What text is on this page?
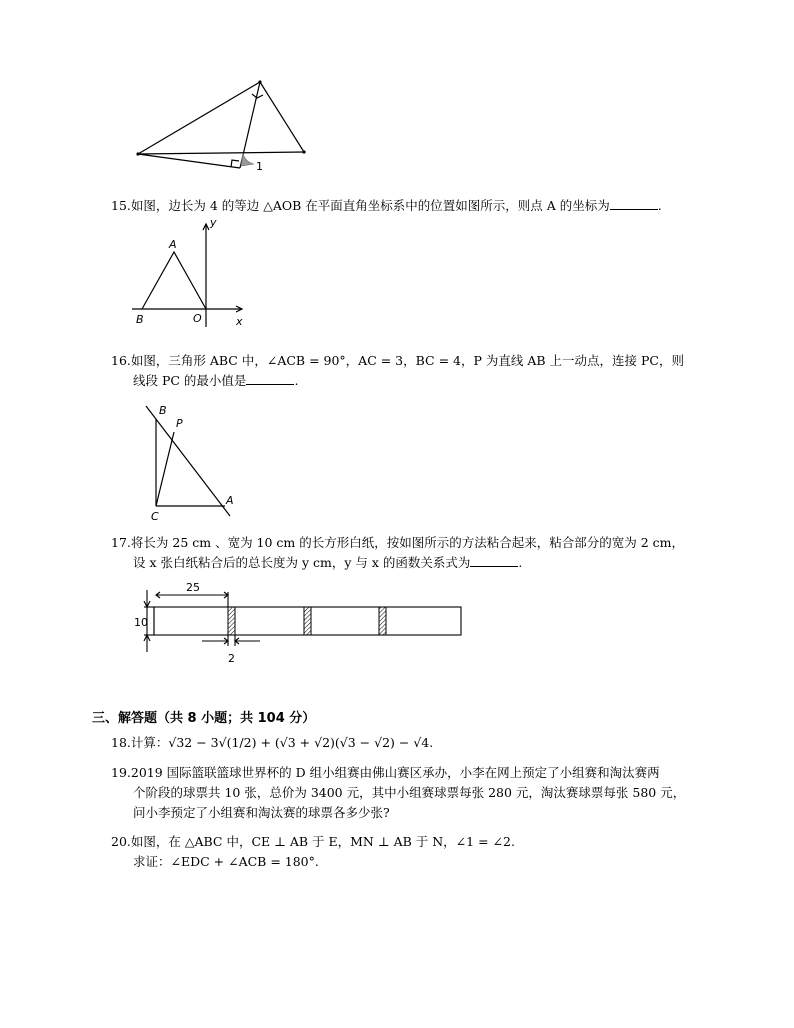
1
15.如图，边长为 4 的等边 △AOB 在平面直角坐标系中的位置如图所示，则点 A 的坐标为	.
A
B	O	x
y
16.如图，三角形 ABC 中，∠ACB = 90°，AC = 3，BC = 4，P 为直线 AB 上一动点，连接 PC，则
线段 PC 的最小值是	.
B
P
C
A
17.将长为 25 cm 、宽为 10 cm 的长方形白纸，按如图所示的方法粘合起来，粘合部分的宽为 2 cm，
设 x 张白纸粘合后的总长度为 y cm，y 与 x 的函数关系式为	.
25
10
2
三、解答题（共 8 小题；共 104 分）
18.计算：√32 − 3√(1/2) + (√3 + √2)(√3 − √2) − √4.
19.2019 国际篮联篮球世界杯的 D 组小组赛由佛山赛区承办，小李在网上预定了小组赛和淘汰赛两
个阶段的球票共 10 张，总价为 3400 元，其中小组赛球票每张 280 元，淘汰赛球票每张 580 元，
问小李预定了小组赛和淘汰赛的球票各多少张?
20.如图，在 △ABC 中，CE ⊥ AB 于 E，MN ⊥ AB 于 N，∠1 = ∠2.
求证：∠EDC + ∠ACB = 180°.
